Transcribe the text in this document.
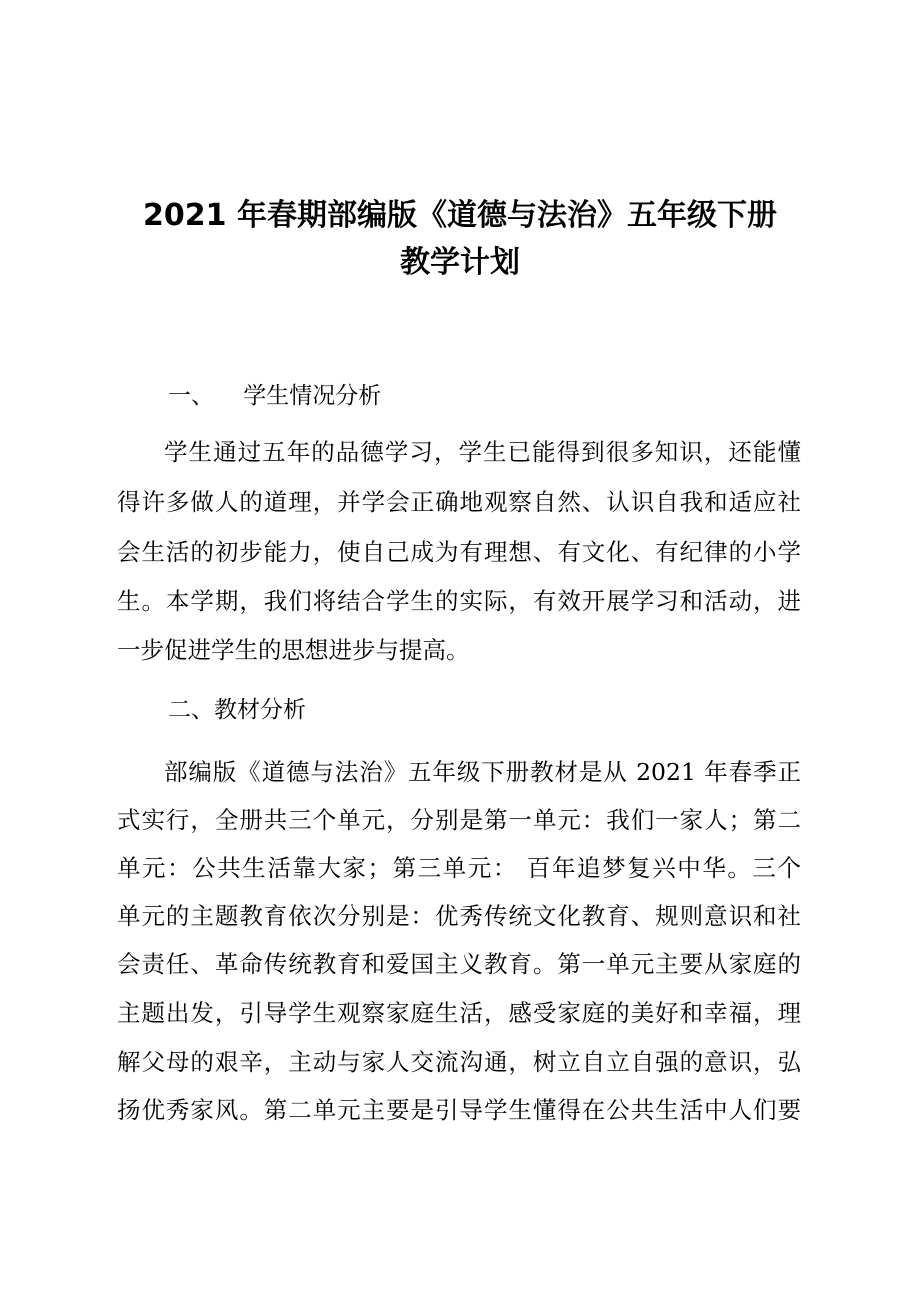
2021 年春期部编版《道德与法治》五年级下册
教学计划
一、    学生情况分析
学生通过五年的品德学习，学生已能得到很多知识，还能懂
得许多做人的道理，并学会正确地观察自然、认识自我和适应社
会生活的初步能力，使自己成为有理想、有文化、有纪律的小学
生。本学期，我们将结合学生的实际，有效开展学习和活动，进
一步促进学生的思想进步与提高。
二、教材分析
部编版《道德与法治》五年级下册教材是从 2021 年春季正
式实行，全册共三个单元，分别是第一单元：我们一家人；第二
单元：公共生活靠大家；第三单元： 百年追梦复兴中华。三个
单元的主题教育依次分别是：优秀传统文化教育、规则意识和社
会责任、革命传统教育和爱国主义教育。第一单元主要从家庭的
主题出发，引导学生观察家庭生活，感受家庭的美好和幸福，理
解父母的艰辛，主动与家人交流沟通，树立自立自强的意识，弘
扬优秀家风。第二单元主要是引导学生懂得在公共生活中人们要
